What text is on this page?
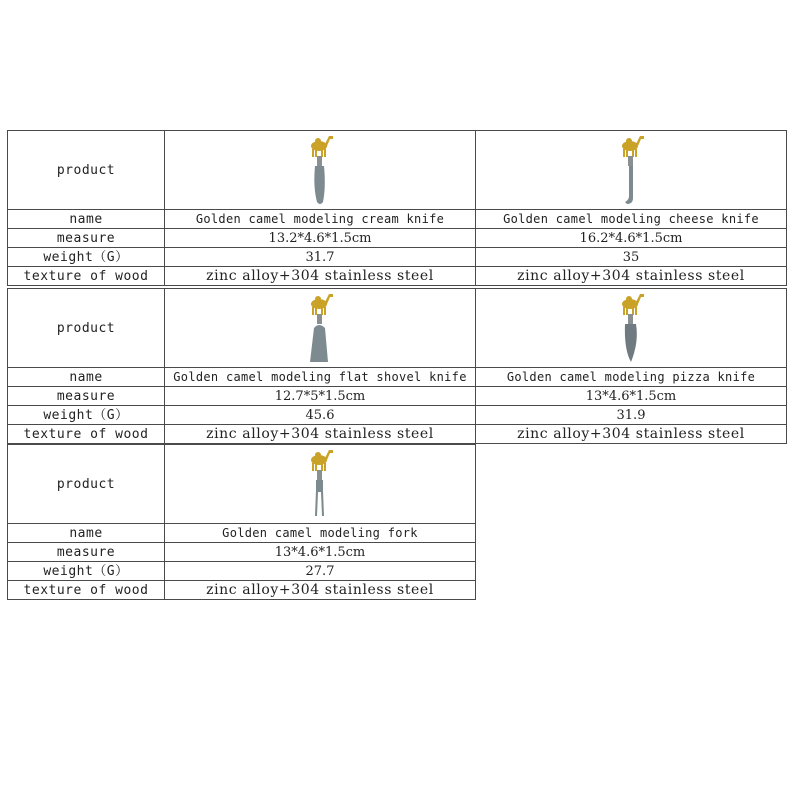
product	

name	Golden camel modeling cream knife	Golden camel modeling cheese knife
measure	13.2*4.6*1.5cm	16.2*4.6*1.5cm
weight（G）	31.7	35
texture of wood	zinc alloy+304 stainless steel	zinc alloy+304 stainless steel
product	

name	Golden camel modeling flat shovel knife	Golden camel modeling pizza knife
measure	12.7*5*1.5cm	13*4.6*1.5cm
weight（G）	45.6	31.9
texture of wood	zinc alloy+304 stainless steel	zinc alloy+304 stainless steel
product	

name	Golden camel modeling fork
measure	13*4.6*1.5cm
weight（G）	27.7
texture of wood	zinc alloy+304 stainless steel
